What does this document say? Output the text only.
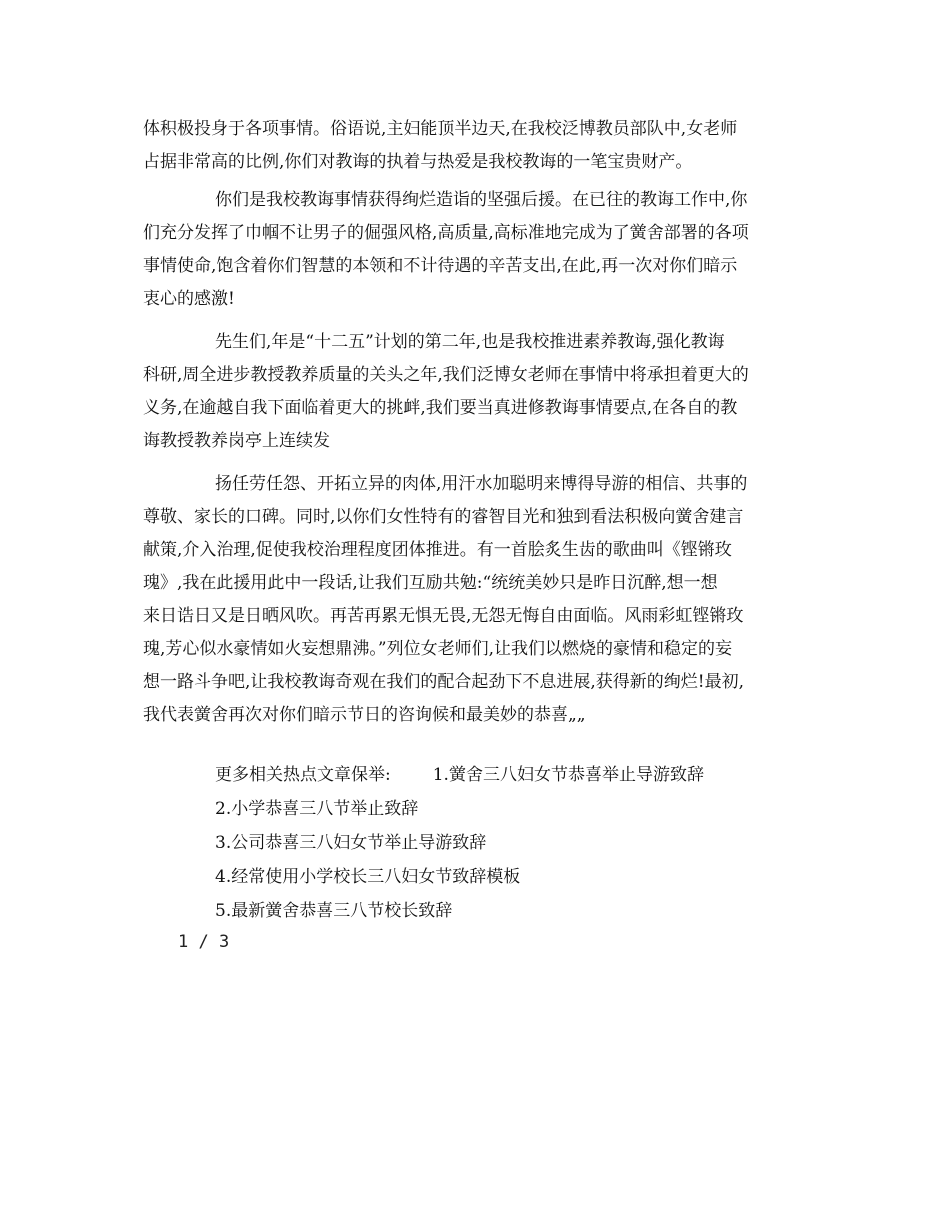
体积极投身于各项事情。俗语说,主妇能顶半边天,在我校泛博教员部队中,女老师
占据非常高的比例,你们对教诲的执着与热爱是我校教诲的一笔宝贵财产。
你们是我校教诲事情获得绚烂造诣的坚强后援。在已往的教诲工作中,你
们充分发挥了巾帼不让男子的倔强风格,高质量,高标准地完成为了黉舍部署的各项
事情使命,饱含着你们智慧的本领和不计待遇的辛苦支出,在此,再一次对你们暗示
衷心的感激!
先生们,年是“十二五”计划的第二年,也是我校推进素养教诲,强化教诲
科研,周全进步教授教养质量的关头之年,我们泛博女老师在事情中将承担着更大的
义务,在逾越自我下面临着更大的挑衅,我们要当真进修教诲事情要点,在各自的教
诲教授教养岗亭上连续发
扬任劳任怨、开拓立异的肉体,用汗水加聪明来博得导游的相信、共事的
尊敬、家长的口碑。同时,以你们女性特有的睿智目光和独到看法积极向黉舍建言
献策,介入治理,促使我校治理程度团体推进。有一首脍炙生齿的歌曲叫《铿锵玫
瑰》,我在此援用此中一段话,让我们互励共勉:“统统美妙只是昨日沉醉,想一想
来日诰日又是日晒风吹。再苦再累无惧无畏,无怨无悔自由面临。风雨彩虹铿锵玫
瑰,芳心似水豪情如火妄想鼎沸。”列位女老师们,让我们以燃烧的豪情和稳定的妄
想一路斗争吧,让我校教诲奇观在我们的配合起劲下不息进展,获得新的绚烂!最初,
我代表黉舍再次对你们暗示节日的咨询候和最美妙的恭喜„„
更多相关热点文章保举: 1.黉舍三八妇女节恭喜举止导游致辞
2.小学恭喜三八节举止致辞
3.公司恭喜三八妇女节举止导游致辞
4.经常使用小学校长三八妇女节致辞模板
5.最新黉舍恭喜三八节校长致辞
1 / 3
